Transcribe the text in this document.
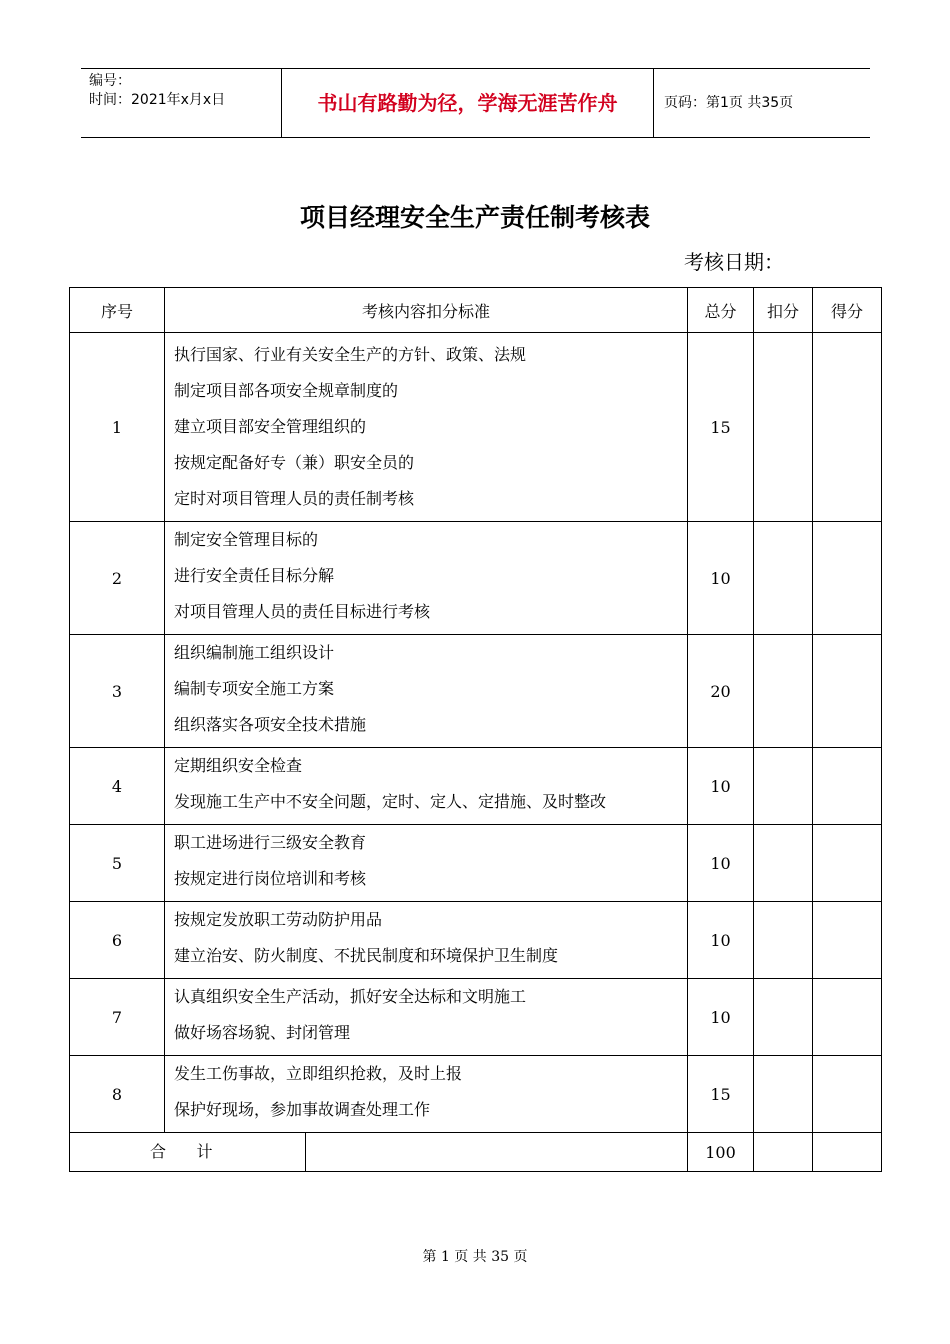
编号：
时间：2021年x月x日	书山有路勤为径，学海无涯苦作舟	页码：第1页 共35页
项目经理安全生产责任制考核表
考核日期：
序号	考核内容扣分标准	总分	扣分	得分
1	执行国家、行业有关安全生产的方针、政策、法规
制定项目部各项安全规章制度的
建立项目部安全管理组织的
按规定配备好专（兼）职安全员的
定时对项目管理人员的责任制考核	15		
2	制定安全管理目标的
进行安全责任目标分解
对项目管理人员的责任目标进行考核	10		
3	组织编制施工组织设计
编制专项安全施工方案
组织落实各项安全技术措施	20		
4	定期组织安全检查
发现施工生产中不安全问题，定时、定人、定措施、及时整改	10		
5	职工进场进行三级安全教育
按规定进行岗位培训和考核	10		
6	按规定发放职工劳动防护用品
建立治安、防火制度、不扰民制度和环境保护卫生制度	10		
7	认真组织安全生产活动，抓好安全达标和文明施工
做好场容场貌、封闭管理	10		
8	发生工伤事故，立即组织抢救，及时上报
保护好现场，参加事故调查处理工作	15		

合      计		100		
第 1 页 共 35 页
